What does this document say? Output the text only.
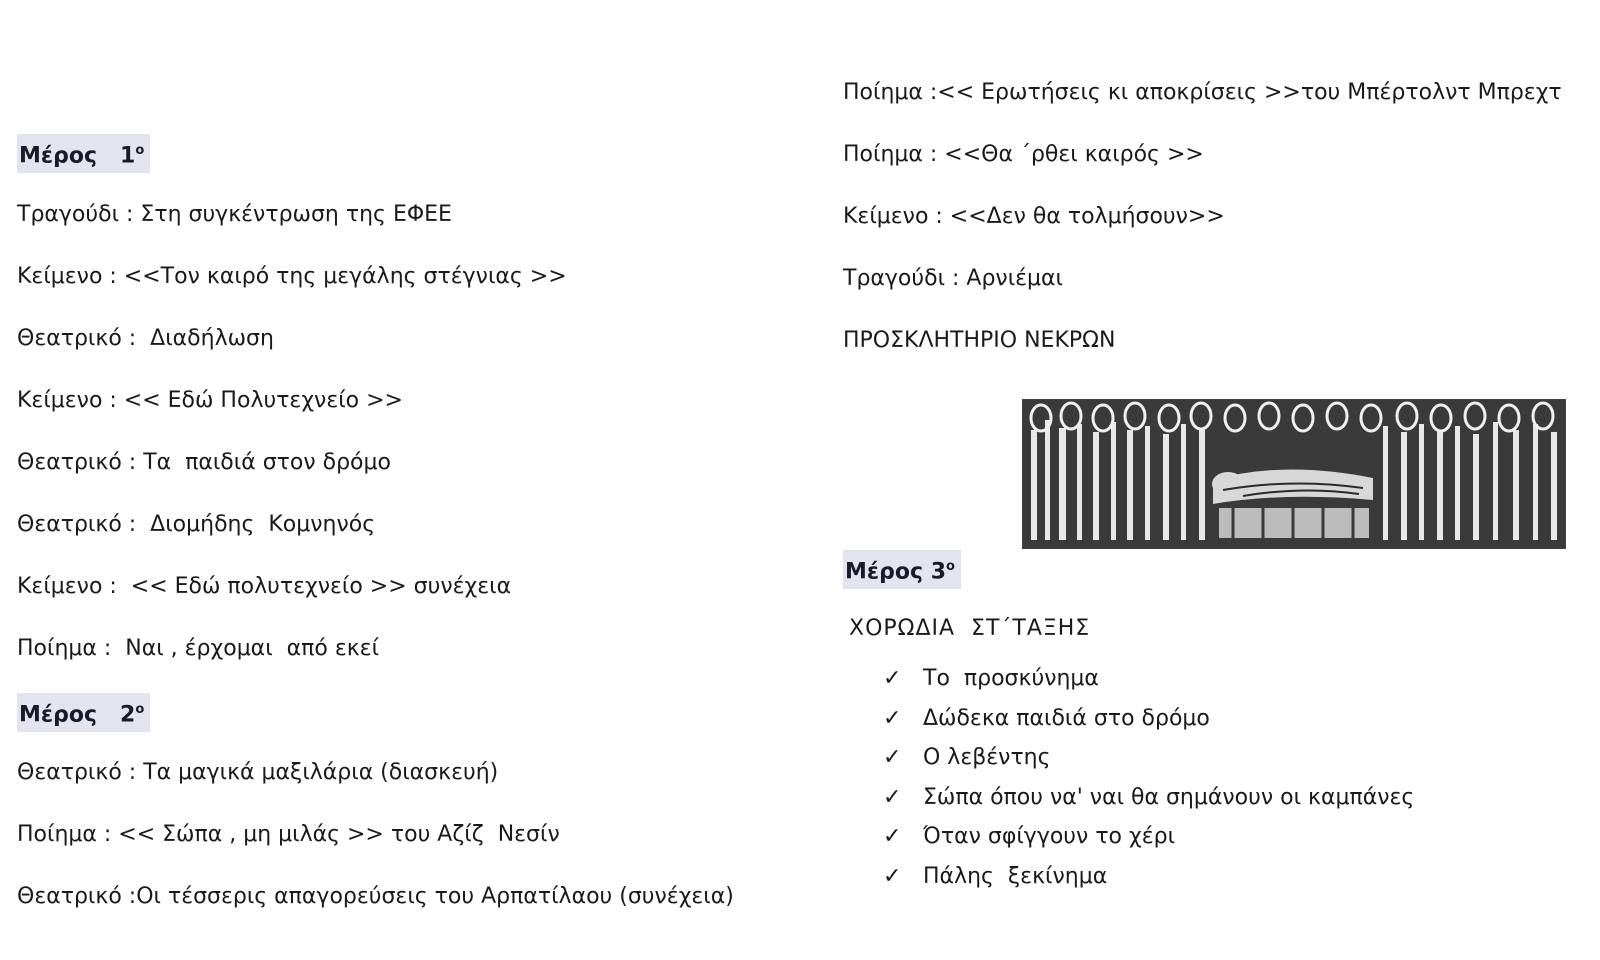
Μέρος $1^o$
Τραγούδι : Στη συγκέντρωση της ΕΦΕΕ
Κείμενο : <<Τον καιρό της μεγάλης στέγνιας >>
Θεατρικό :  Διαδήλωση
Κείμενο : << Εδώ Πολυτεχνείο >>
Θεατρικό : Τα  παιδιά στον δρόμο
Θεατρικό :  Διομήδης  Κομνηνός
Κείμενο :  << Εδώ πολυτεχνείο >> συνέχεια
Ποίημα :  Ναι , έρχομαι  από εκεί
Μέρος $2^o$
Θεατρικό : Τα μαγικά μαξιλάρια (διασκευή)
Ποίημα : << Σώπα , μη μιλάς >> του Αζίζ  Νεσίν
Θεατρικό :Οι τέσσερις απαγορεύσεις του Αρπατίλαου (συνέχεια)
Ποίημα :<< Ερωτήσεις κι αποκρίσεις >>του Μπέρτολντ Μπρεχτ
Ποίημα : <<Θα ΄ρθει καιρός >>
Κείμενο : <<Δεν θα τολμήσουν>>
Τραγούδι : Αρνιέμαι
ΠΡΟΣΚΛΗΤΗΡΙΟ ΝΕΚΡΩΝ
Μέρος $3^o$
ΧΟΡΩΔΙΑ  ΣΤ΄ΤΑΞΗΣ
✓ Το  προσκύνημα
✓ Δώδεκα παιδιά στο δρόμο
✓ Ο λεβέντης
✓ Σώπα όπου να' ναι θα σημάνουν οι καμπάνες
✓ Όταν σφίγγουν το χέρι
✓ Πάλης  ξεκίνημα
